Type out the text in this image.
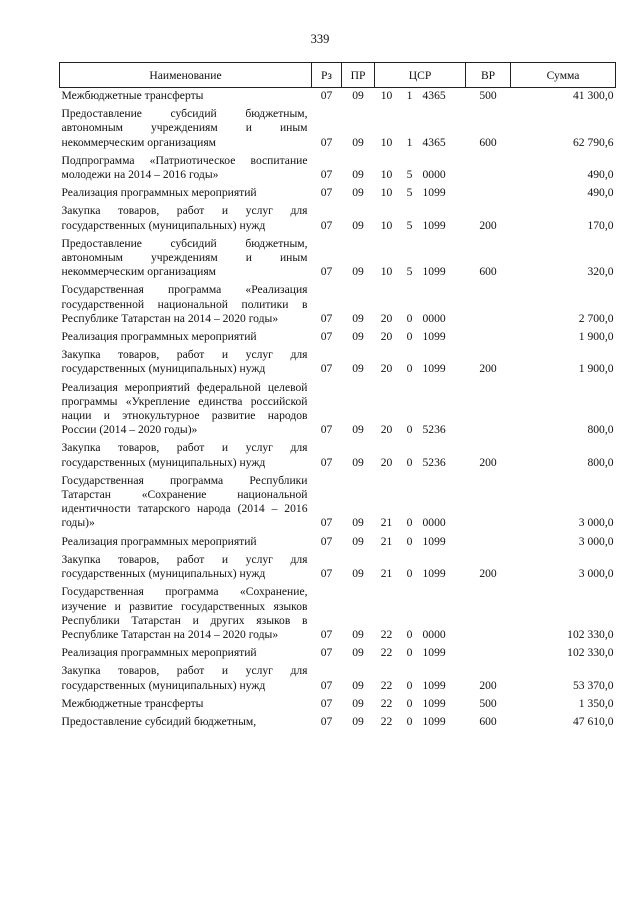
339
Наименование	Рз	ПР	ЦСР			ВР	Сумма
Межбюджетные трансферты	07	09	10	1	4365	500	41 300,0
Предоставление субсидий бюджетным, автономным учреждениям и иным некоммерческим организациям	07	09	10	1	4365	600	62 790,6
Подпрограмма «Патриотическое воспитание молодежи на 2014 – 2016 годы»	07	09	10	5	0000		490,0
Реализация программных мероприятий	07	09	10	5	1099		490,0
Закупка товаров, работ и услуг для государственных (муниципальных) нужд	07	09	10	5	1099	200	170,0
Предоставление субсидий бюджетным, автономным учреждениям и иным некоммерческим организациям	07	09	10	5	1099	600	320,0
Государственная программа «Реализация государственной национальной политики в Республике Татарстан на 2014 – 2020 годы»	07	09	20	0	0000		2 700,0
Реализация программных мероприятий	07	09	20	0	1099		1 900,0
Закупка товаров, работ и услуг для государственных (муниципальных) нужд	07	09	20	0	1099	200	1 900,0
Реализация мероприятий федеральной целевой программы «Укрепление единства российской нации и этнокультурное развитие народов России (2014 – 2020 годы)»	07	09	20	0	5236		800,0
Закупка товаров, работ и услуг для государственных (муниципальных) нужд	07	09	20	0	5236	200	800,0
Государственная программа Республики Татарстан «Сохранение национальной идентичности татарского народа (2014 – 2016 годы)»	07	09	21	0	0000		3 000,0
Реализация программных мероприятий	07	09	21	0	1099		3 000,0
Закупка товаров, работ и услуг для государственных (муниципальных) нужд	07	09	21	0	1099	200	3 000,0
Государственная программа «Сохранение, изучение и развитие государственных языков Республики Татарстан и других языков в Республике Татарстан на 2014 – 2020 годы»	07	09	22	0	0000		102 330,0
Реализация программных мероприятий	07	09	22	0	1099		102 330,0
Закупка товаров, работ и услуг для государственных (муниципальных) нужд	07	09	22	0	1099	200	53 370,0
Межбюджетные трансферты	07	09	22	0	1099	500	1 350,0
Предоставление субсидий бюджетным,	07	09	22	0	1099	600	47 610,0
